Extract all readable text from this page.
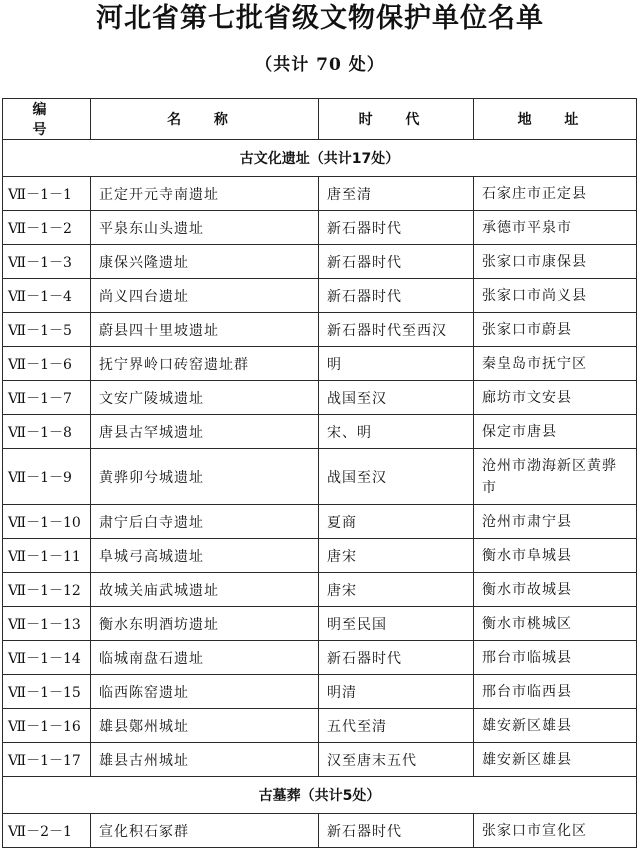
河北省第七批省级文物保护单位名单
（共计 70 处）
编 号	名 称	时 代	地 址
古文化遗址（共计17处）			
Ⅶ－1－1	正定开元寺南遗址	唐至清	石家庄市正定县
Ⅶ－1－2	平泉东山头遗址	新石器时代	承德市平泉市
Ⅶ－1－3	康保兴隆遗址	新石器时代	张家口市康保县
Ⅶ－1－4	尚义四台遗址	新石器时代	张家口市尚义县
Ⅶ－1－5	蔚县四十里坡遗址	新石器时代至西汉	张家口市蔚县
Ⅶ－1－6	抚宁界岭口砖窑遗址群	明	秦皇岛市抚宁区
Ⅶ－1－7	文安广陵城遗址	战国至汉	廊坊市文安县
Ⅶ－1－8	唐县古罕城遗址	宋、明	保定市唐县
Ⅶ－1－9	黄骅卯兮城遗址	战国至汉	沧州市渤海新区黄骅市
Ⅶ－1－10	肃宁后白寺遗址	夏商	沧州市肃宁县
Ⅶ－1－11	阜城弓高城遗址	唐宋	衡水市阜城县
Ⅶ－1－12	故城关庙武城遗址	唐宋	衡水市故城县
Ⅶ－1－13	衡水东明酒坊遗址	明至民国	衡水市桃城区
Ⅶ－1－14	临城南盘石遗址	新石器时代	邢台市临城县
Ⅶ－1－15	临西陈窑遗址	明清	邢台市临西县
Ⅶ－1－16	雄县鄚州城址	五代至清	雄安新区雄县
Ⅶ－1－17	雄县古州城址	汉至唐末五代	雄安新区雄县
古墓葬（共计5处）			
Ⅶ－2－1	宣化积石冢群	新石器时代	张家口市宣化区
